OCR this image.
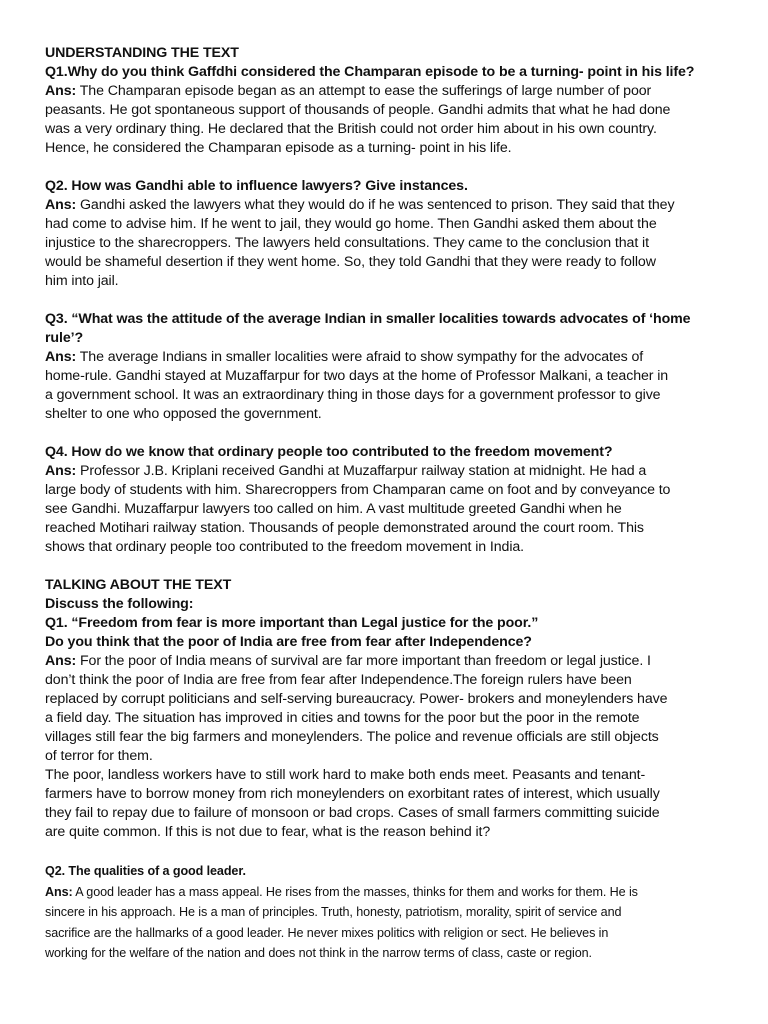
UNDERSTANDING THE TEXT
Q1.Why do you think Gaffdhi considered the Champaran episode to be a turning- point in his life?
Ans: The Champaran episode began as an attempt to ease the sufferings of large number of poor
peasants. He got spontaneous support of thousands of people. Gandhi admits that what he had done
was a very ordinary thing. He declared that the British could not order him about in his own country.
Hence, he considered the Champaran episode as a turning- point in his life.
Q2. How was Gandhi able to influence lawyers? Give instances.
Ans: Gandhi asked the lawyers what they would do if he was sentenced to prison. They said that they
had come to advise him. If he went to jail, they would go home. Then Gandhi asked them about the
injustice to the sharecroppers. The lawyers held consultations. They came to the conclusion that it
would be shameful desertion if they went home. So, they told Gandhi that they were ready to follow
him into jail.
Q3. “What was the attitude of the average Indian in smaller localities towards advocates of ‘home
rule’?
Ans: The average Indians in smaller localities were afraid to show sympathy for the advocates of
home-rule. Gandhi stayed at Muzaffarpur for two days at the home of Professor Malkani, a teacher in
a government school. It was an extraordinary thing in those days for a government professor to give
shelter to one who opposed the government.
Q4. How do we know that ordinary people too contributed to the freedom movement?
Ans: Professor J.B. Kriplani received Gandhi at Muzaffarpur railway station at midnight. He had a
large body of students with him. Sharecroppers from Champaran came on foot and by conveyance to
see Gandhi. Muzaffarpur lawyers too called on him. A vast multitude greeted Gandhi when he
reached Motihari railway station. Thousands of people demonstrated around the court room. This
shows that ordinary people too contributed to the freedom movement in India.
TALKING ABOUT THE TEXT
Discuss the following:
Q1. “Freedom from fear is more important than Legal justice for the poor.”
Do you think that the poor of India are free from fear after Independence?
Ans: For the poor of India means of survival are far more important than freedom or legal justice. I
don’t think the poor of India are free from fear after Independence.The foreign rulers have been
replaced by corrupt politicians and self-serving bureaucracy. Power- brokers and moneylenders have
a field day. The situation has improved in cities and towns for the poor but the poor in the remote
villages still fear the big farmers and moneylenders. The police and revenue officials are still objects
of terror for them.
The poor, landless workers have to still work hard to make both ends meet. Peasants and tenant-
farmers have to borrow money from rich moneylenders on exorbitant rates of interest, which usually
they fail to repay due to failure of monsoon or bad crops. Cases of small farmers committing suicide
are quite common. If this is not due to fear, what is the reason behind it?
Q2. The qualities of a good leader.
Ans: A good leader has a mass appeal. He rises from the masses, thinks for them and works for them. He is
sincere in his approach. He is a man of principles. Truth, honesty, patriotism, morality, spirit of service and
sacrifice are the hallmarks of a good leader. He never mixes politics with religion or sect. He believes in
working for the welfare of the nation and does not think in the narrow terms of class, caste or region.
